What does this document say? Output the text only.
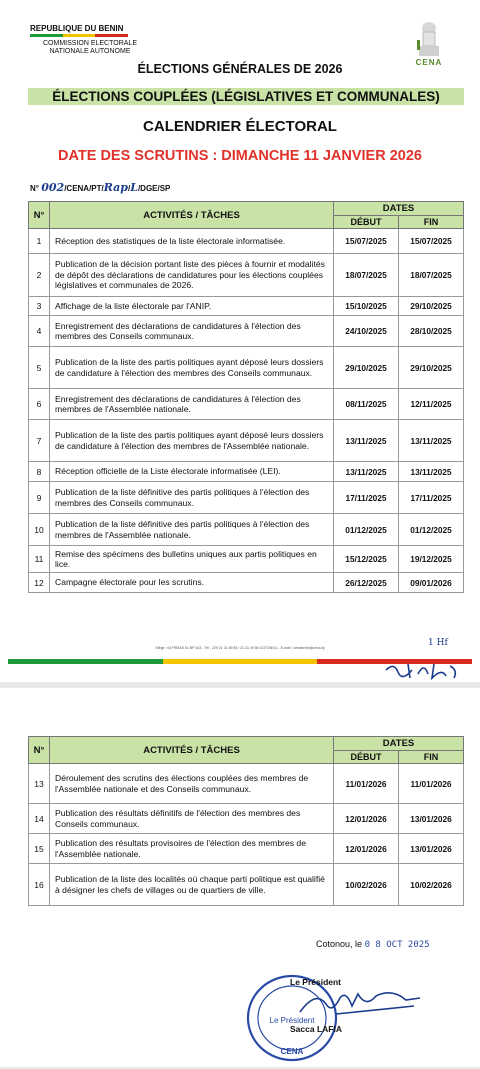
REPUBLIQUE DU BENIN
COMMISSION ELECTORALE
NATIONALE AUTONOME
CENA
ÉLECTIONS GÉNÉRALES DE 2026
ÉLECTIONS COUPLÉES (LÉGISLATIVES ET COMMUNALES)
CALENDRIER ÉLECTORAL
DATE DES SCRUTINS : DIMANCHE 11 JANVIER 2026
N° 002/CENA/PT/Rap/L/DGE/SP
N°	ACTIVITÉS / TÂCHES	DATES	
		DÉBUT	FIN
1	Réception des statistiques de la liste électorale informatisée.	15/07/2025	15/07/2025
2	Publication de la décision portant liste des pièces à fournir et modalités de dépôt des déclarations de candidatures pour les élections couplées législatives et communales de 2026.	18/07/2025	18/07/2025
3	Affichage de la liste électorale par l'ANIP.	15/10/2025	29/10/2025
4	Enregistrement des déclarations de candidatures à l'élection des membres des Conseils communaux.	24/10/2025	28/10/2025
5	Publication de la liste des partis politiques ayant déposé leurs dossiers de candidature à l'élection des membres des Conseils communaux.	29/10/2025	29/10/2025
6	Enregistrement des déclarations de candidatures à l'élection des membres de l'Assemblée nationale.	08/11/2025	12/11/2025
7	Publication de la liste des partis politiques ayant déposé leurs dossiers de candidature à l'élection des membres de l'Assemblée nationale.	13/11/2025	13/11/2025
8	Réception officielle de la Liste électorale informatisée (LEI).	13/11/2025	13/11/2025
9	Publication de la liste définitive des partis politiques à l'élection des membres des Conseils communaux.	17/11/2025	17/11/2025
10	Publication de la liste définitive des partis politiques à l'élection des membres de l'Assemblée nationale.	01/12/2025	01/12/2025
11	Remise des spécimens des bulletins uniques aux partis politiques en lice.	15/12/2025	19/12/2025
12	Campagne électorale pour les scrutins.	26/12/2025	09/01/2026
Siège : 04 PBSAE 01 BP 443 - Tél : 229 21 31 89 85 / 21 31 49 86 COTONOU - E-mail : cenabenin@cena.bj	1 Hf
N°	ACTIVITÉS / TÂCHES	DATES	
		DÉBUT	FIN
13	Déroulement des scrutins des élections couplées des membres de l'Assemblée nationale et des Conseils communaux.	11/01/2026	11/01/2026
14	Publication des résultats définitifs de l'élection des membres des Conseils communaux.	12/01/2026	13/01/2026
15	Publication des résultats provisoires de l'élection des membres de l'Assemblée nationale.	12/01/2026	13/01/2026
16	Publication de la liste des localités où chaque parti politique est qualifié à désigner les chefs de villages ou de quartiers de ville.	10/02/2026	10/02/2026
Cotonou, le 0 8 OCT 2025
Le Président
CENA
Le Président
Sacca LAFIA
